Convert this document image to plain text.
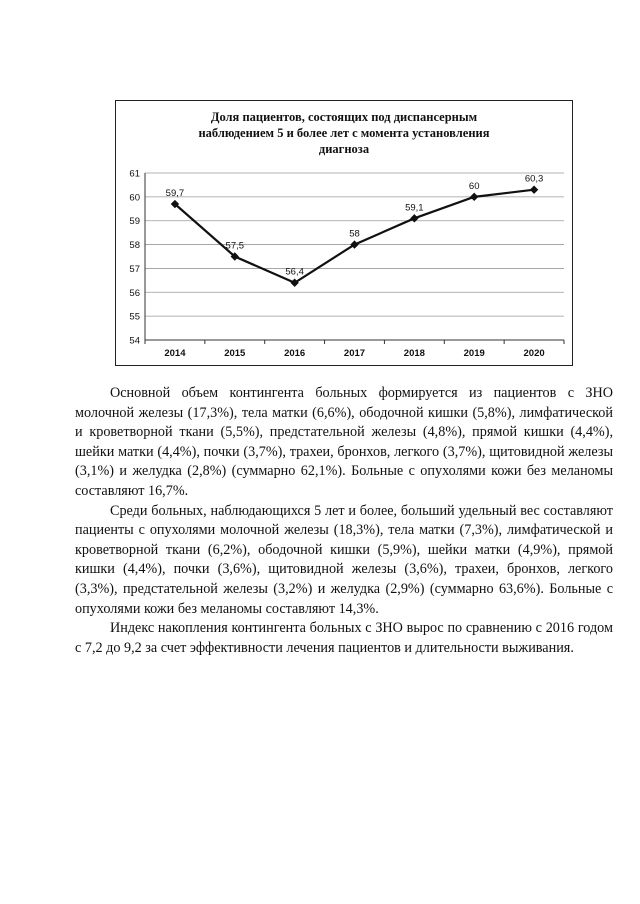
Доля пациентов, состоящих под диспансерным
наблюдением 5 и более лет с момента установления
диагноза
61
60
59
58
57
56
55
54
2014	2015	2016	2017	2018	2019	2020
59,7
57,5
56,4
58
59,1
60
60,3

Основной объем контингента больных формируется из пациентов с ЗНО молочной железы (17,3%), тела матки (6,6%), ободочной кишки (5,8%), лимфатической и кроветворной ткани (5,5%), предстательной железы (4,8%), прямой кишки (4,4%), шейки матки (4,4%), почки (3,7%), трахеи, бронхов, легкого (3,7%), щитовидной железы (3,1%) и желудка (2,8%) (суммарно 62,1%). Больные с опухолями кожи без меланомы составляют 16,7%.

Среди больных, наблюдающихся 5 лет и более, больший удельный вес составляют пациенты с опухолями молочной железы (18,3%), тела матки (7,3%), лимфатической и кроветворной ткани (6,2%), ободочной кишки (5,9%), шейки матки (4,9%), прямой кишки (4,4%), почки (3,6%), щитовидной железы (3,6%), трахеи, бронхов, легкого (3,3%), предстательной железы (3,2%) и желудка (2,9%) (суммарно 63,6%). Больные с опухолями кожи без меланомы составляют 14,3%.

Индекс накопления контингента больных с ЗНО вырос по сравнению с 2016 годом с 7,2 до 9,2 за счет эффективности лечения пациентов и длительности выживания.
